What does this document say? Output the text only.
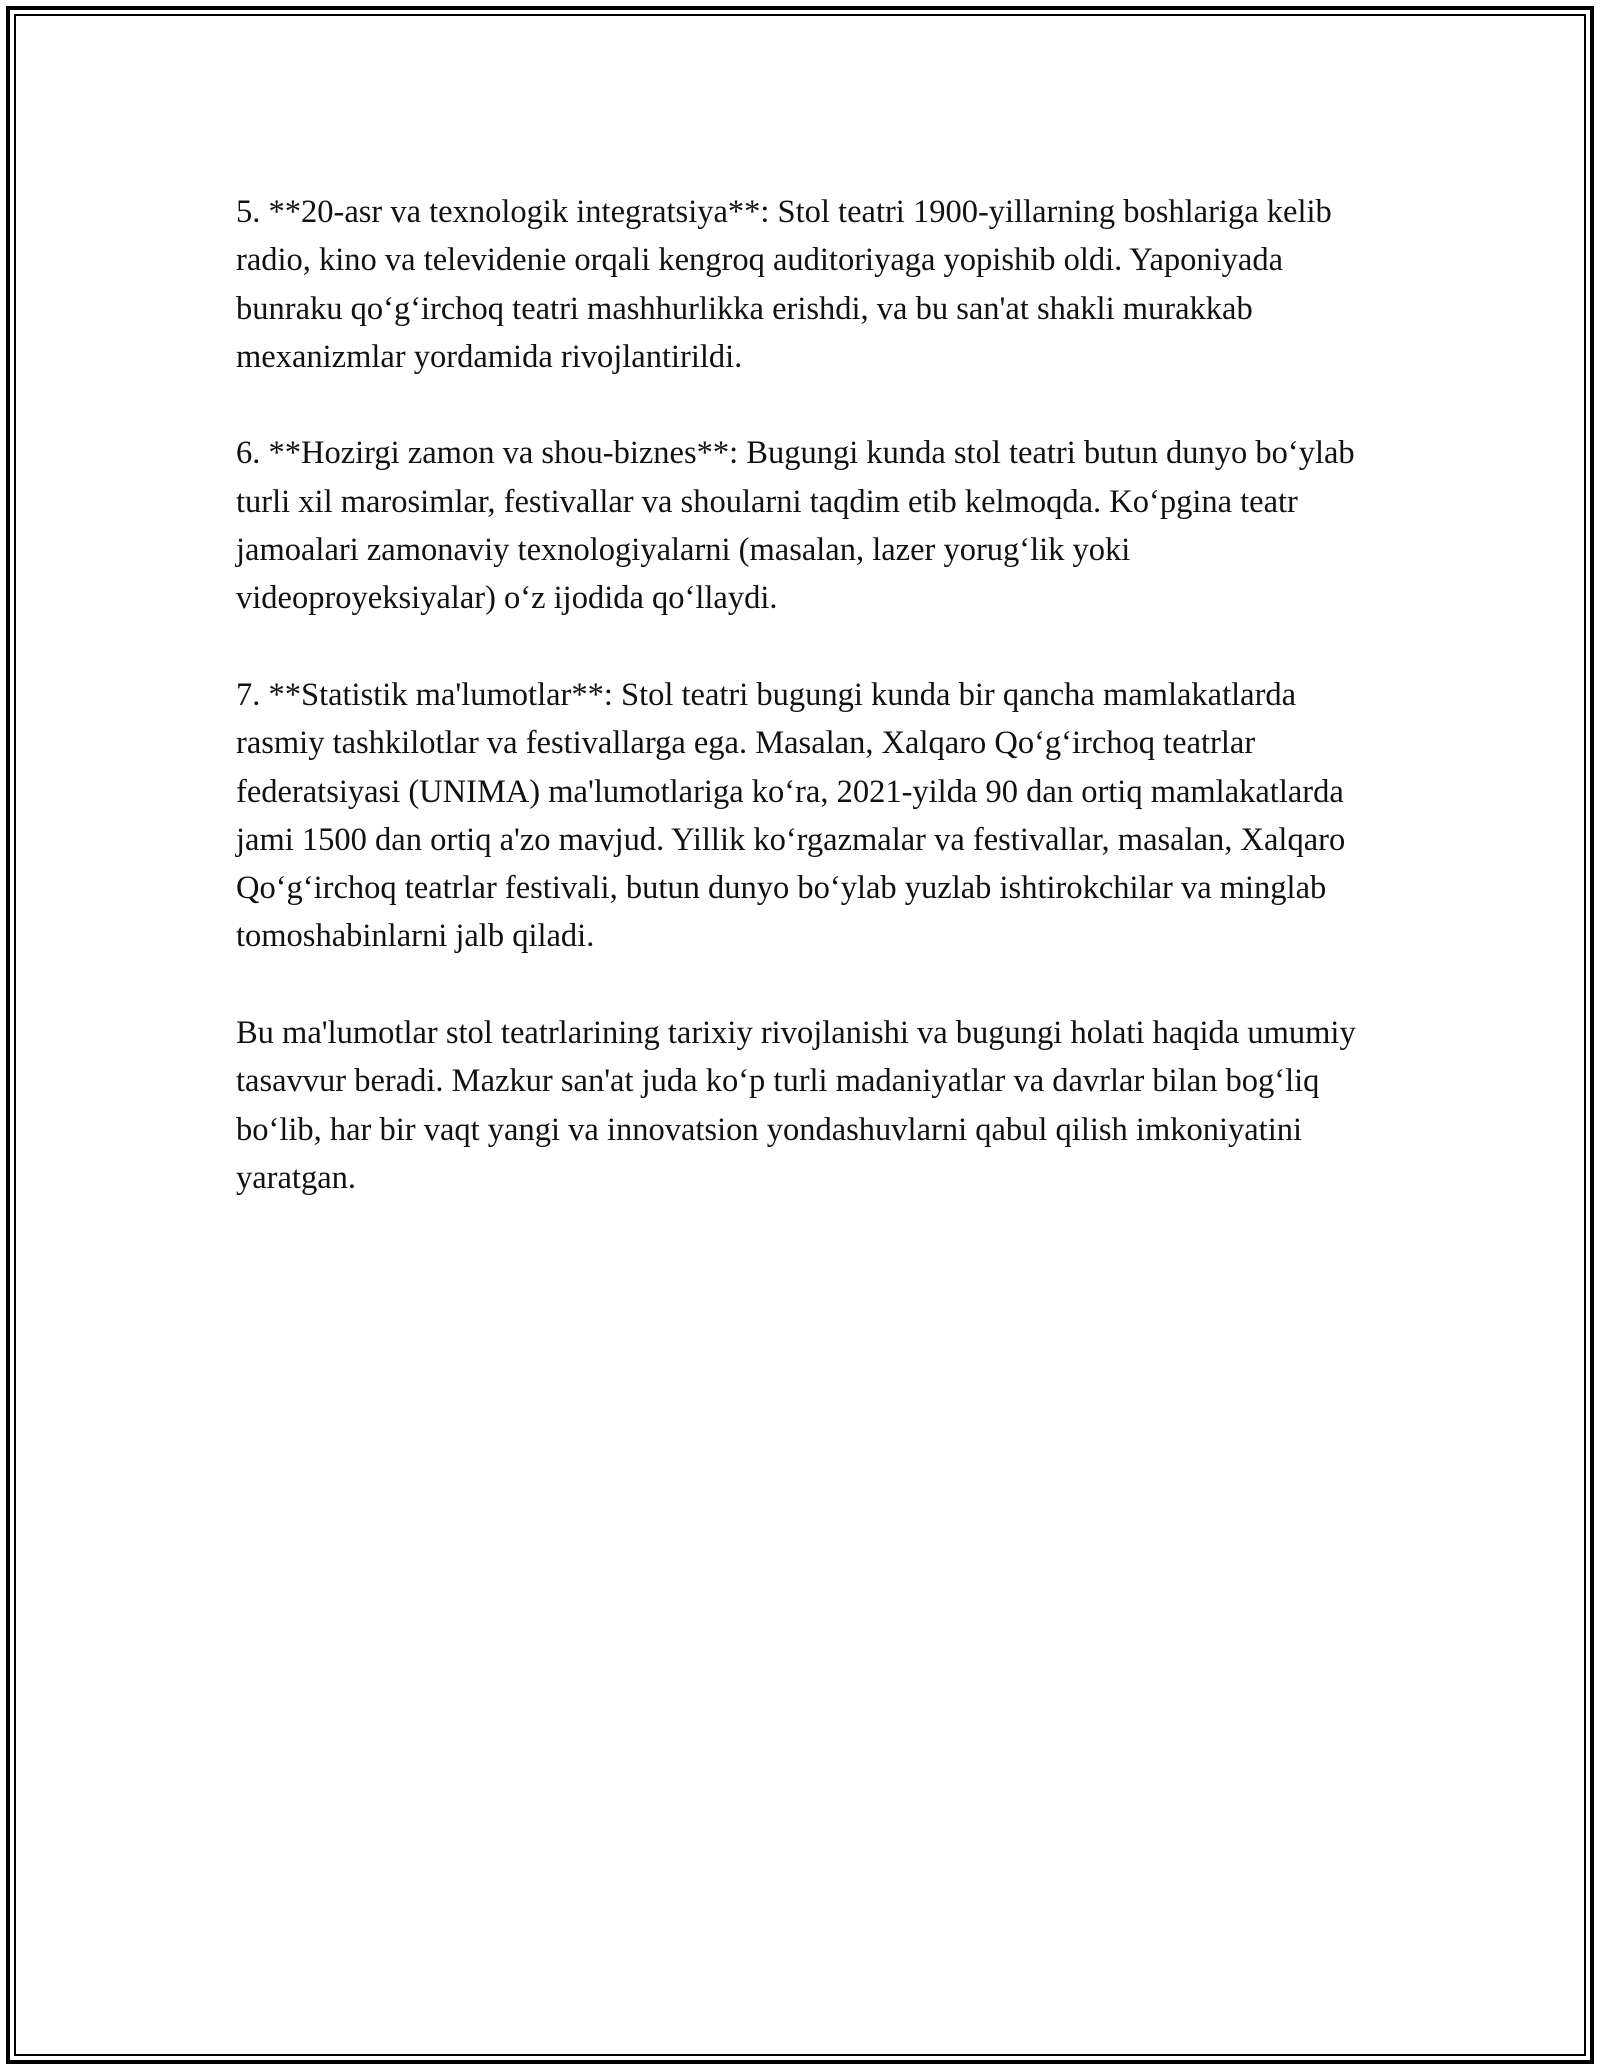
5. **20-asr va texnologik integratsiya**: Stol teatri 1900-yillarning boshlariga kelib radio, kino va televidenie orqali kengroq auditoriyaga yopishib oldi. Yaponiyada bunraku qoʻgʻirchoq teatri mashhurlikka erishdi, va bu san'at shakli murakkab mexanizmlar yordamida rivojlantirildi.

6. **Hozirgi zamon va shou-biznes**: Bugungi kunda stol teatri butun dunyo boʻylab turli xil marosimlar, festivallar va shoularni taqdim etib kelmoqda. Koʻpgina teatr jamoalari zamonaviy texnologiyalarni (masalan, lazer yorugʻlik yoki videoproyeksiyalar) oʻz ijodida qoʻllaydi.

7. **Statistik ma'lumotlar**: Stol teatri bugungi kunda bir qancha mamlakatlarda rasmiy tashkilotlar va festivallarga ega. Masalan, Xalqaro Qoʻgʻirchoq teatrlar federatsiyasi (UNIMA) ma'lumotlariga koʻra, 2021-yilda 90 dan ortiq mamlakatlarda jami 1500 dan ortiq a'zo mavjud. Yillik koʻrgazmalar va festivallar, masalan, Xalqaro Qoʻgʻirchoq teatrlar festivali, butun dunyo boʻylab yuzlab ishtirokchilar va minglab tomoshabinlarni jalb qiladi.

Bu ma'lumotlar stol teatrlarining tarixiy rivojlanishi va bugungi holati haqida umumiy tasavvur beradi. Mazkur san'at juda koʻp turli madaniyatlar va davrlar bilan bogʻliq boʻlib, har bir vaqt yangi va innovatsion yondashuvlarni qabul qilish imkoniyatini yaratgan.
